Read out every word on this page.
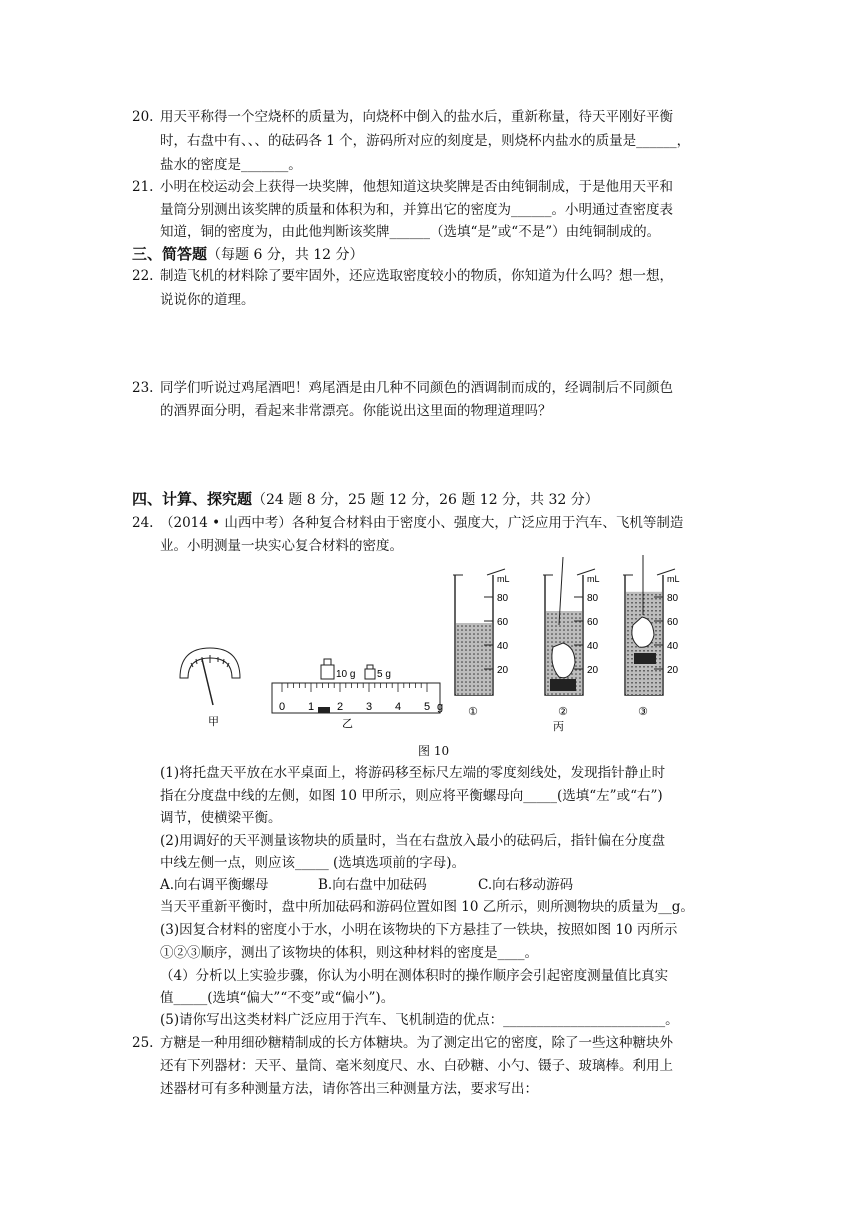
20. 用天平称得一个空烧杯的质量为，向烧杯中倒入的盐水后，重新称量，待天平刚好平衡
时，右盘中有、、、的砝码各 1 个，游码所对应的刻度是，则烧杯内盐水的质量是______，
盐水的密度是_______。
21. 小明在校运动会上获得一块奖牌，他想知道这块奖牌是否由纯铜制成，于是他用天平和
量筒分别测出该奖牌的质量和体积为和，并算出它的密度为______。小明通过查密度表
知道，铜的密度为，由此他判断该奖牌______（选填“是”或“不是”）由纯铜制成的。
三、简答题（每题 6 分，共 12 分）
22. 制造飞机的材料除了要牢固外，还应选取密度较小的物质，你知道为什么吗？想一想，
说说你的道理。
23. 同学们听说过鸡尾酒吧！鸡尾酒是由几种不同颜色的酒调制而成的，经调制后不同颜色
的酒界面分明，看起来非常漂亮。你能说出这里面的物理道理吗？
四、计算、探究题（24 题 8 分，25 题 12 分，26 题 12 分，共 32 分）
24. （2014 • 山西中考）各种复合材料由于密度小、强度大，广泛应用于汽车、飞机等制造
业。小明测量一块实心复合材料的密度。
甲
10 g 5 g
0 1 2 3 4 5 g
乙
mL
80
60
40
20
①
mL
80
60
40
20
②
mL
80
60
40
20
③
丙
图 10
(1)将托盘天平放在水平桌面上，将游码移至标尺左端的零度刻线处，发现指针静止时
指在分度盘中线的左侧，如图 10 甲所示，则应将平衡螺母向_____(选填“左”或“右”)
调节，使横梁平衡。
(2)用调好的天平测量该物块的质量时，当在右盘放入最小的砝码后，指针偏在分度盘
中线左侧一点，则应该_____ (选填选项前的字母)。
A.向右调平衡螺母	B.向右盘中加砝码	C.向右移动游码
当天平重新平衡时，盘中所加砝码和游码位置如图 10 乙所示，则所测物块的质量为__g。
(3)因复合材料的密度小于水，小明在该物块的下方悬挂了一铁块，按照如图 10 丙所示
①②③顺序，测出了该物块的体积，则这种材料的密度是____。
（4）分析以上实验步骤，你认为小明在测体积时的操作顺序会引起密度测量值比真实
值_____(选填“偏大”“不变”或“偏小”)。
(5)请你写出这类材料广泛应用于汽车、飞机制造的优点：________________________。
25. 方糖是一种用细砂糖精制成的长方体糖块。为了测定出它的密度，除了一些这种糖块外
还有下列器材：天平、量筒、毫米刻度尺、水、白砂糖、小勺、镊子、玻璃棒。利用上
述器材可有多种测量方法，请你答出三种测量方法，要求写出：
